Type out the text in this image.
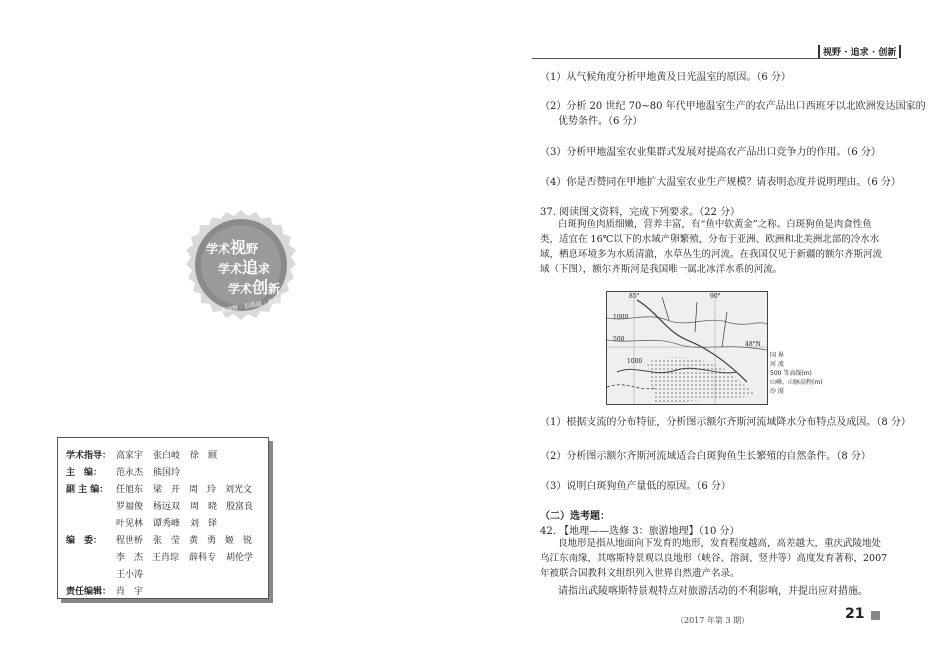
学术视野
学术追求
学术创新
重视野 · 追超越 · 重创新
学术指导： 高家宇 张白岐 徐 顾
主　编： 范永杰 熊国玲
副 主 编： 任旭东 梁 开 周 玲 刘光文
罗福俊 杨远双 周 晓 殷富良
叶见林 谭秀峰 刘 铎
编　委： 程世桥 张 莹 黄 勇 姬 锐
李 杰 王肖琮 薛科专 胡伦学
王小涛
责任编辑： 肖 宇
视野 · 追求 · 创新
（1）从气候角度分析甲地黄及日光温室的原因。（6 分）
（2）分析 20 世纪 70~80 年代甲地温室生产的农产品出口西班牙以北欧洲发达国家的
优势条件。（6 分）
（3）分析甲地温室农业集群式发展对提高农产品出口竞争力的作用。（6 分）
（4）你是否赞同在甲地扩大温室农业生产规模？请表明态度并说明理由。（6 分）
37. 阅读图文资料，完成下列要求。（22 分）
白斑狗鱼肉质细嫩，营养丰富，有“鱼中软黄金”之称。白斑狗鱼是肉食性鱼类，适宜在 16℃以下的水域产卵繁殖，分布于亚洲、欧洲和北美洲北部的冷水水域，栖息环境多为水质清澈，水草丛生的河流。在我国仅见于新疆的额尔齐斯河流域（下图），额尔齐斯河是我国唯一属北冰洋水系的河流。
85°	90°
48°N
1000
500
1000
国 界
河 流
500 等高线(m)
山峰、山脉高程(m)
沙 漠
（1）根据支流的分布特征，分析图示额尔齐斯河流域降水分布特点及成因。（8 分）
（2）分析图示额尔齐斯河流域适合白斑狗鱼生长繁殖的自然条件。（8 分）
（3）说明白斑狗鱼产量低的原因。（6 分）
（二）选考题：
42. 【地理——选修 3：旅游地理】（10 分）
良地形是指从地面向下发育的地形，发育程度越高，高差越大，重庆武陵地处乌江东南缘，其喀斯特景观以良地形（峡谷、溶洞、竖井等）高度发育著称，2007 年被联合国教科文组织列入世界自然遗产名录。
请指出武陵喀斯特景观特点对旅游活动的不利影响，并提出应对措施。
（2017 年第 3 期）	21
